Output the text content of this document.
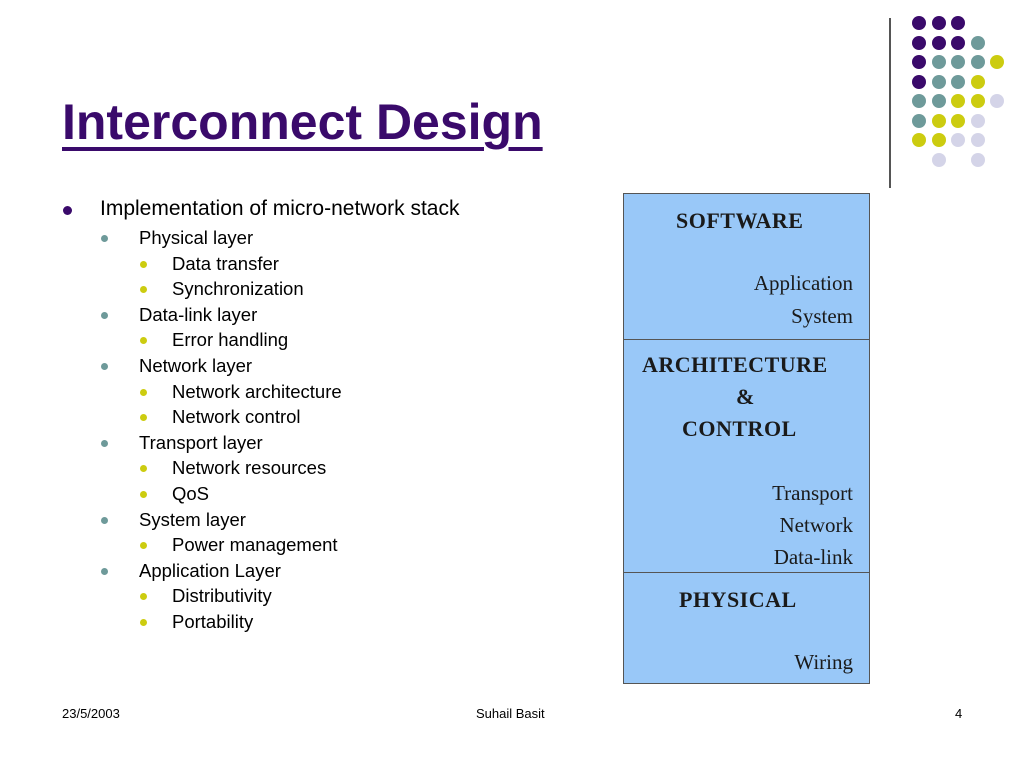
Interconnect Design
Implementation of micro-network stack
Physical layer
Data transfer
Synchronization
Data-link layer
Error handling
Network layer
Network architecture
Network control
Transport layer
Network resources
QoS
System layer
Power management
Application Layer
Distributivity
Portability
SOFTWARE
Application
System
ARCHITECTURE
&
CONTROL
Transport
Network
Data-link
PHYSICAL
Wiring
23/5/2003	Suhail Basit	4
